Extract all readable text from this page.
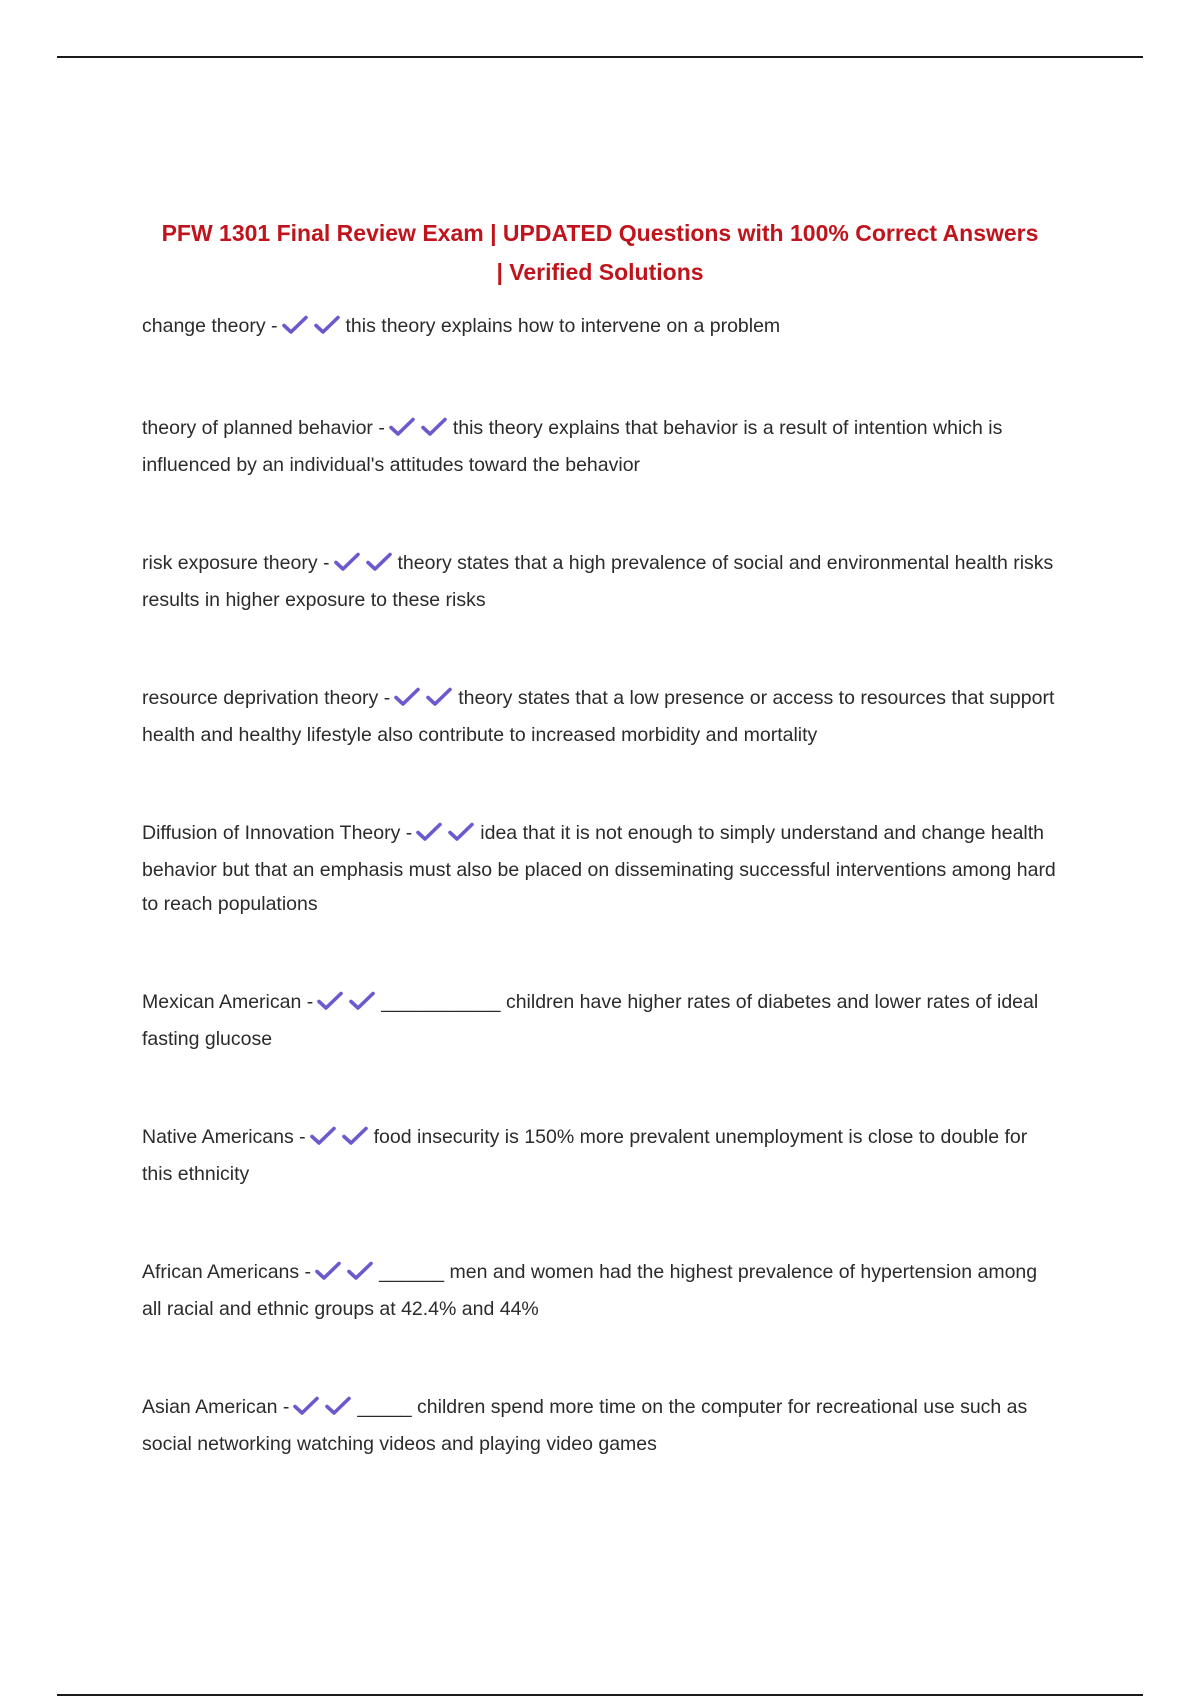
PFW 1301 Final Review Exam | UPDATED Questions with 100% Correct Answers
| Verified Solutions
change theory -	this theory explains how to intervene on a problem
theory of planned behavior -	this theory explains that behavior is a result of intention which is influenced by an individual's attitudes toward the behavior
risk exposure theory -	theory states that a high prevalence of social and environmental health risks results in higher exposure to these risks
resource deprivation theory -	theory states that a low presence or access to resources that support health and healthy lifestyle also contribute to increased morbidity and mortality
Diffusion of Innovation Theory -	idea that it is not enough to simply understand and change health behavior but that an emphasis must also be placed on disseminating successful interventions among hard to reach populations
Mexican American -	___________ children have higher rates of diabetes and lower rates of ideal fasting glucose
Native Americans -	food insecurity is 150% more prevalent unemployment is close to double for this ethnicity
African Americans -	______ men and women had the highest prevalence of hypertension among all racial and ethnic groups at 42.4% and 44%
Asian American -	_____ children spend more time on the computer for recreational use such as social networking watching videos and playing video games
